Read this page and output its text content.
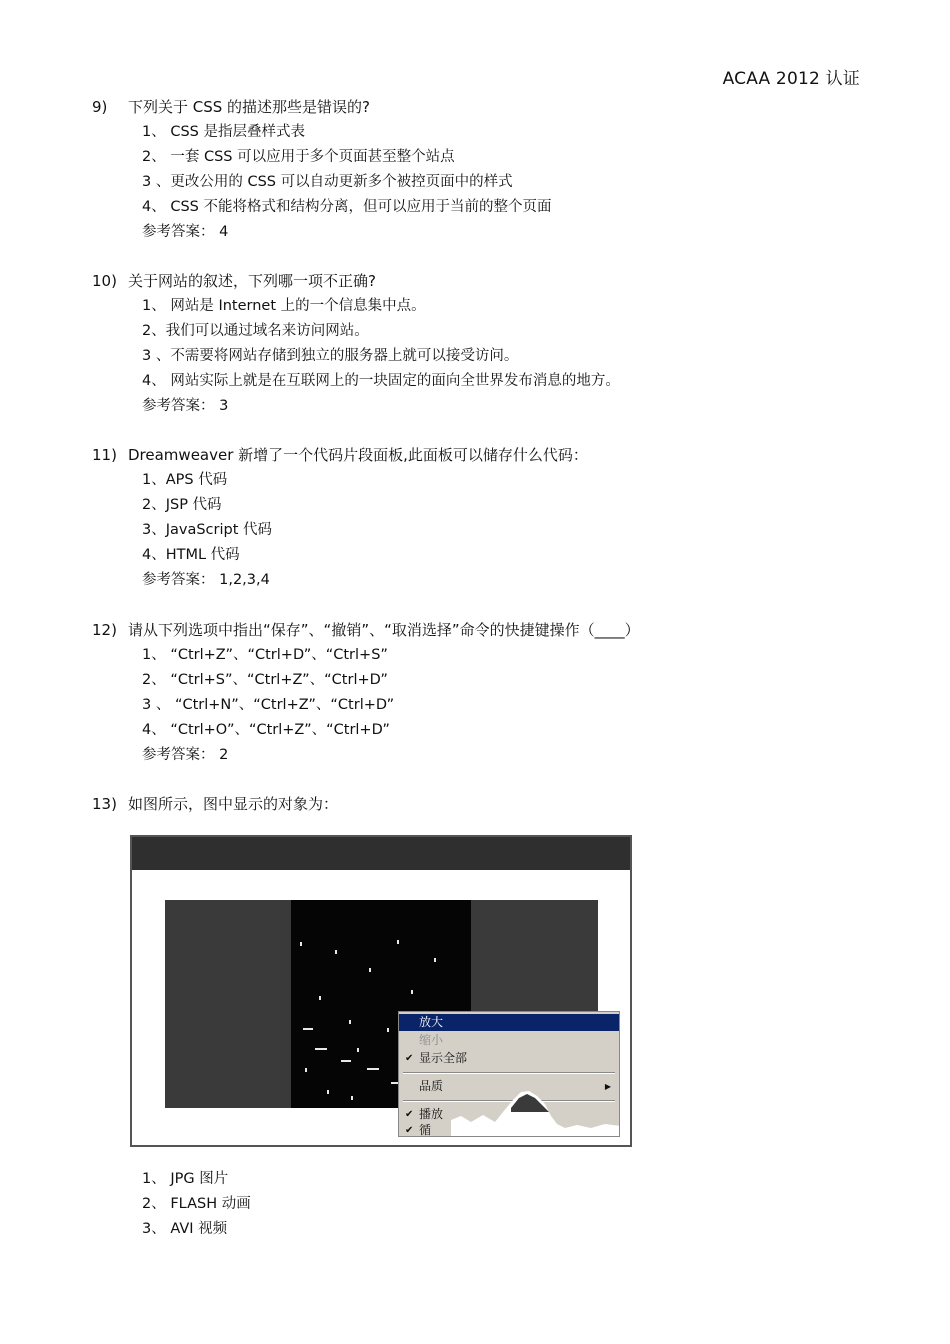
ACAA 2012 认证
9) 下列关于 CSS 的描述那些是错误的?
1、 CSS 是指层叠样式表
2、 一套 CSS 可以应用于多个页面甚至整个站点
3 、更改公用的 CSS 可以自动更新多个被控页面中的样式
4、 CSS 不能将格式和结构分离，但可以应用于当前的整个页面
参考答案： 4
10) 关于网站的叙述，下列哪一项不正确?
1、 网站是 Internet 上的一个信息集中点。
2、我们可以通过域名来访问网站。
3 、不需要将网站存储到独立的服务器上就可以接受访问。
4、 网站实际上就是在互联网上的一块固定的面向全世界发布消息的地方。
参考答案： 3
11) Dreamweaver 新增了一个代码片段面板,此面板可以储存什么代码：
1、APS 代码
2、JSP 代码
3、JavaScript 代码
4、HTML 代码
参考答案： 1,2,3,4
12) 请从下列选项中指出“保存”、“撤销”、“取消选择”命令的快捷键操作（____）
1、 “Ctrl+Z”、“Ctrl+D”、“Ctrl+S”
2、 “Ctrl+S”、“Ctrl+Z”、“Ctrl+D”
3 、 “Ctrl+N”、“Ctrl+Z”、“Ctrl+D”
4、 “Ctrl+O”、“Ctrl+Z”、“Ctrl+D”
参考答案： 2
13) 如图所示，图中显示的对象为：
放大
缩小
✔ 显示全部
品质	▶
✔ 播放
✔ 循
1、 JPG 图片
2、 FLASH 动画
3、 AVI 视频
